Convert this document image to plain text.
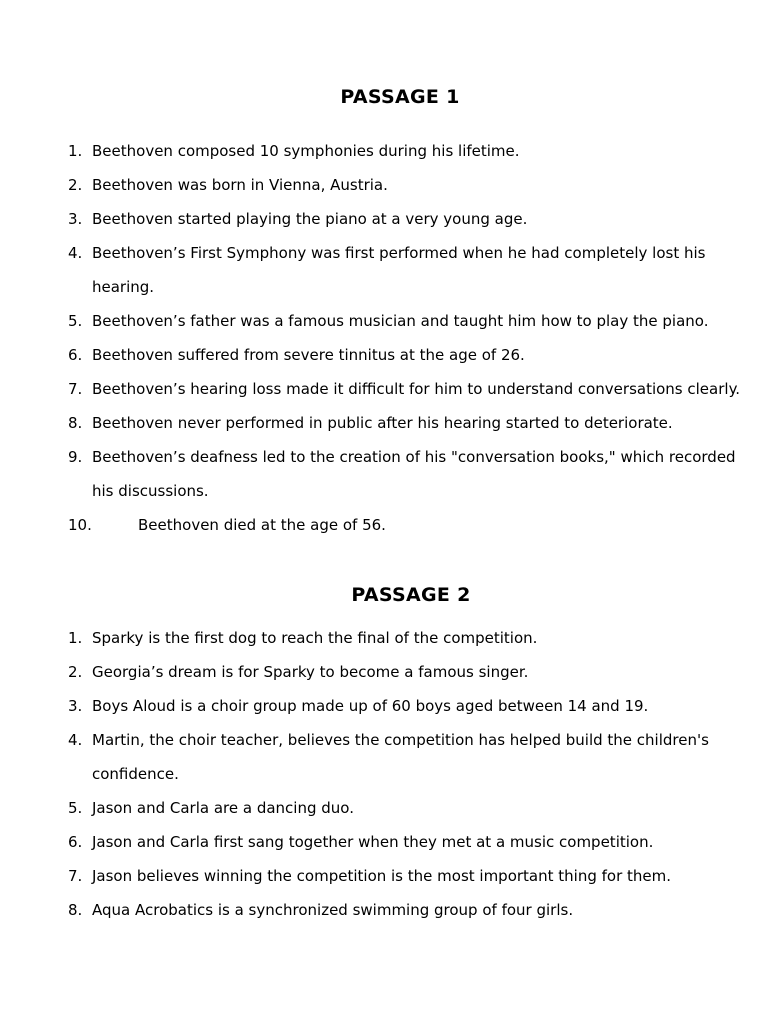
PASSAGE 1
1. Beethoven composed 10 symphonies during his lifetime.
2. Beethoven was born in Vienna, Austria.
3. Beethoven started playing the piano at a very young age.
4. Beethoven’s First Symphony was first performed when he had completely lost his hearing.
5. Beethoven’s father was a famous musician and taught him how to play the piano.
6. Beethoven suffered from severe tinnitus at the age of 26.
7. Beethoven’s hearing loss made it difficult for him to understand conversations clearly.
8. Beethoven never performed in public after his hearing started to deteriorate.
9. Beethoven’s deafness led to the creation of his "conversation books," which recorded his discussions.
10.	Beethoven died at the age of 56.
PASSAGE 2
1. Sparky is the first dog to reach the final of the competition.
2. Georgia’s dream is for Sparky to become a famous singer.
3. Boys Aloud is a choir group made up of 60 boys aged between 14 and 19.
4. Martin, the choir teacher, believes the competition has helped build the children's confidence.
5. Jason and Carla are a dancing duo.
6. Jason and Carla first sang together when they met at a music competition.
7. Jason believes winning the competition is the most important thing for them.
8. Aqua Acrobatics is a synchronized swimming group of four girls.
